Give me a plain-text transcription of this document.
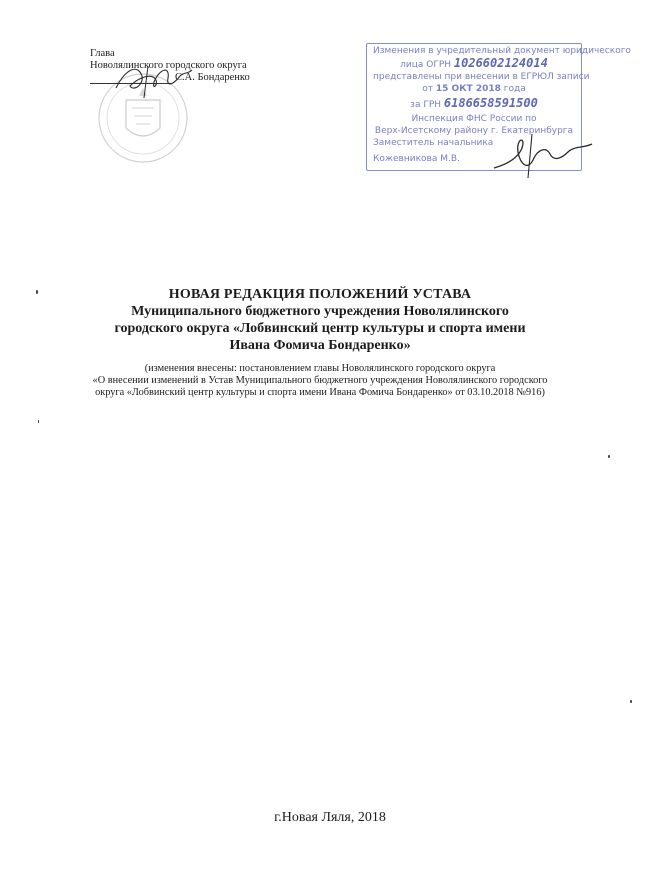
Глава
Новолялинского городского округа
С.А. Бондаренко
Изменения в учредительный документ юридического
лица ОГРН 1026602124014
представлены при внесении в ЕГРЮЛ записи
от 15 ОКТ 2018 года
за ГРН 6186658591500
Инспекция ФНС России по
Верх-Исетскому району г. Екатеринбурга
Заместитель начальника
Кожевникова М.В.
НОВАЯ РЕДАКЦИЯ ПОЛОЖЕНИЙ УСТАВА
Муниципального бюджетного учреждения Новолялинского
городского округа «Лобвинский центр культуры и спорта имени
Ивана Фомича Бондаренко»
(изменения внесены: постановлением главы Новолялинского городского округа
«О внесении изменений в Устав Муниципального бюджетного учреждения Новолялинского городского
округа «Лобвинский центр культуры и спорта имени Ивана Фомича Бондаренко» от 03.10.2018 №916)
г.Новая Ляля, 2018
